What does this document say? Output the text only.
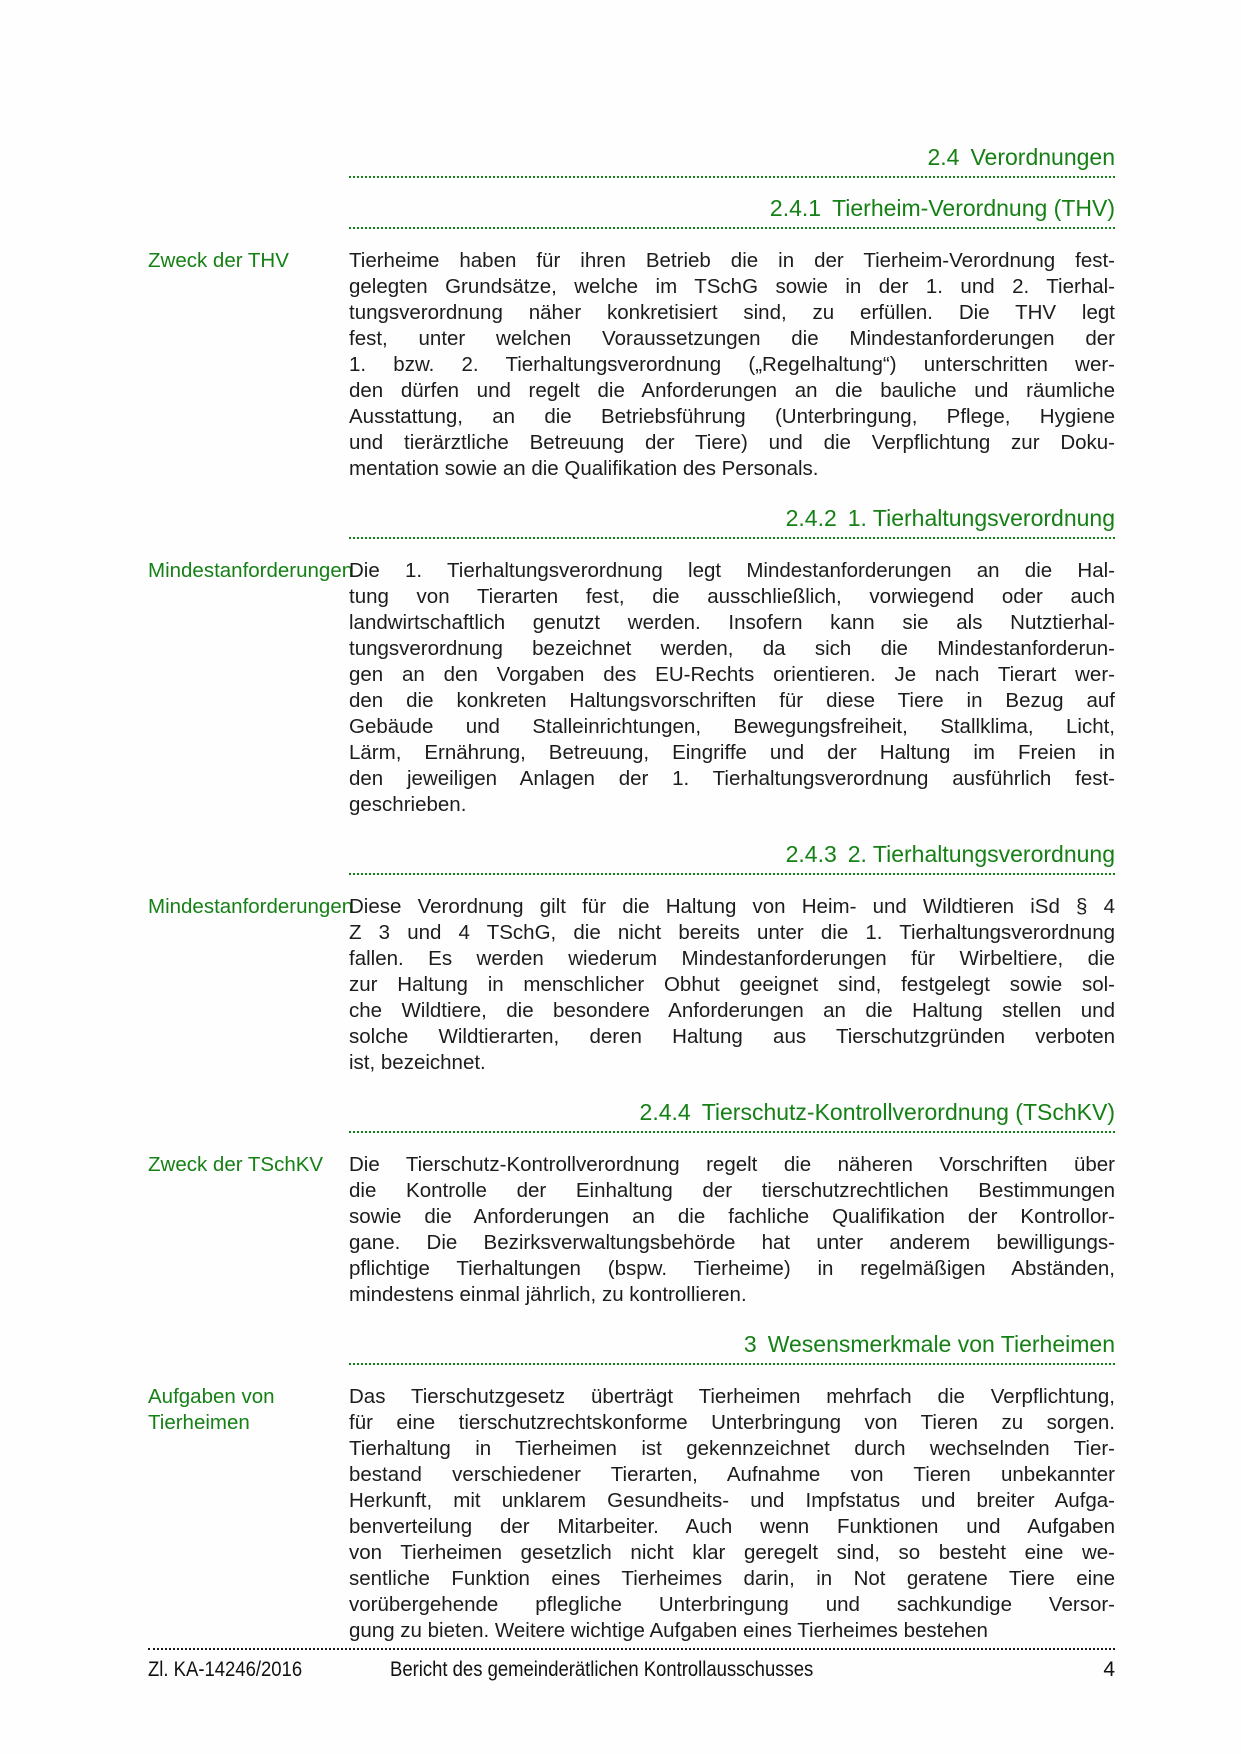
2.4 Verordnungen
2.4.1 Tierheim-Verordnung (THV)
Zweck der THV	Tierheime haben für ihren Betrieb die in der Tierheim-Verordnung fest-
gelegten Grundsätze, welche im TSchG sowie in der 1. und 2. Tierhal-
tungsverordnung näher konkretisiert sind, zu erfüllen. Die THV legt
fest, unter welchen Voraussetzungen die Mindestanforderungen der
1. bzw. 2. Tierhaltungsverordnung („Regelhaltung“) unterschritten wer-
den dürfen und regelt die Anforderungen an die bauliche und räumliche
Ausstattung, an die Betriebsführung (Unterbringung, Pflege, Hygiene
und tierärztliche Betreuung der Tiere) und die Verpflichtung zur Doku-
mentation sowie an die Qualifikation des Personals.
2.4.2 1. Tierhaltungsverordnung
Mindestanforderungen
Die 1. Tierhaltungsverordnung legt Mindestanforderungen an die Hal-
tung von Tierarten fest, die ausschließlich, vorwiegend oder auch
landwirtschaftlich genutzt werden. Insofern kann sie als Nutztierhal-
tungsverordnung bezeichnet werden, da sich die Mindestanforderun-
gen an den Vorgaben des EU-Rechts orientieren. Je nach Tierart wer-
den die konkreten Haltungsvorschriften für diese Tiere in Bezug auf
Gebäude und Stalleinrichtungen, Bewegungsfreiheit, Stallklima, Licht,
Lärm, Ernährung, Betreuung, Eingriffe und der Haltung im Freien in
den jeweiligen Anlagen der 1. Tierhaltungsverordnung ausführlich fest-
geschrieben.
2.4.3 2. Tierhaltungsverordnung
Mindestanforderungen
Diese Verordnung gilt für die Haltung von Heim- und Wildtieren iSd § 4
Z 3 und 4 TSchG, die nicht bereits unter die 1. Tierhaltungsverordnung
fallen. Es werden wiederum Mindestanforderungen für Wirbeltiere, die
zur Haltung in menschlicher Obhut geeignet sind, festgelegt sowie sol-
che Wildtiere, die besondere Anforderungen an die Haltung stellen und
solche Wildtierarten, deren Haltung aus Tierschutzgründen verboten
ist, bezeichnet.
2.4.4 Tierschutz-Kontrollverordnung (TSchKV)
Zweck der TSchKV	Die Tierschutz-Kontrollverordnung regelt die näheren Vorschriften über
die Kontrolle der Einhaltung der tierschutzrechtlichen Bestimmungen
sowie die Anforderungen an die fachliche Qualifikation der Kontrollor-
gane. Die Bezirksverwaltungsbehörde hat unter anderem bewilligungs-
pflichtige Tierhaltungen (bspw. Tierheime) in regelmäßigen Abständen,
mindestens einmal jährlich, zu kontrollieren.
3 Wesensmerkmale von Tierheimen
Aufgaben von
Tierheimen
Das Tierschutzgesetz überträgt Tierheimen mehrfach die Verpflichtung,
für eine tierschutzrechtskonforme Unterbringung von Tieren zu sorgen.
Tierhaltung in Tierheimen ist gekennzeichnet durch wechselnden Tier-
bestand verschiedener Tierarten, Aufnahme von Tieren unbekannter
Herkunft, mit unklarem Gesundheits- und Impfstatus und breiter Aufga-
benverteilung der Mitarbeiter. Auch wenn Funktionen und Aufgaben
von Tierheimen gesetzlich nicht klar geregelt sind, so besteht eine we-
sentliche Funktion eines Tierheimes darin, in Not geratene Tiere eine
vorübergehende pflegliche Unterbringung und sachkundige Versor-
gung zu bieten. Weitere wichtige Aufgaben eines Tierheimes bestehen
Zl. KA-14246/2016	Bericht des gemeinderätlichen Kontrollausschusses	4
